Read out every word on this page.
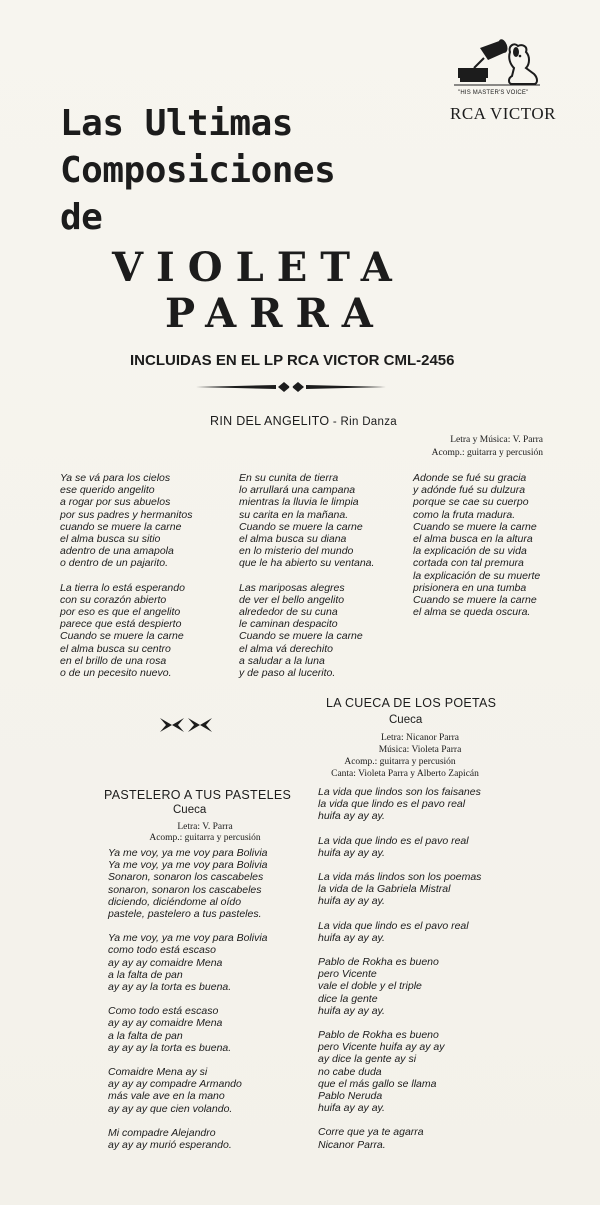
"HIS MASTER'S VOICE"
RCA VICTOR
Las Ultimas
Composiciones
de
VIOLETA
PARRA
INCLUIDAS EN EL LP RCA VICTOR CML-2456
RIN DEL ANGELITO - Rin Danza
Letra y Música: V. Parra
Acomp.: guitarra y percusión
Ya se vá para los cielos
ese querido angelito
a rogar por sus abuelos
por sus padres y hermanitos
cuando se muere la carne
el alma busca su sitio
adentro de una amapola
o dentro de un pajarito.
La tierra lo está esperando
con su corazón abierto
por eso es que el angelito
parece que está despierto
Cuando se muere la carne
el alma busca su centro
en el brillo de una rosa
o de un pecesito nuevo.
En su cunita de tierra
lo arrullará una campana
mientras la lluvia le limpia
su carita en la mañana.
Cuando se muere la carne
el alma busca su diana
en lo misterio del mundo
que le ha abierto su ventana.
Las mariposas alegres
de ver el bello angelito
alrededor de su cuna
le caminan despacito
Cuando se muere la carne
el alma vá derechito
a saludar a la luna
y de paso al lucerito.
Adonde se fué su gracia
y adónde fué su dulzura
porque se cae su cuerpo
como la fruta madura.
Cuando se muere la carne
el alma busca en la altura
la explicación de su vida
cortada con tal premura
la explicación de su muerte
prisionera en una tumba
Cuando se muere la carne
el alma se queda oscura.
LA CUECA DE LOS POETAS
Cueca
Letra: Nicanor Parra
Música: Violeta Parra
Acomp.: guitarra y percusión
Canta: Violeta Parra y Alberto Zapicán
La vida que lindos son los faisanes
la vida que lindo es el pavo real
huifa ay ay ay.
La vida que lindo es el pavo real
huifa ay ay ay.
La vida más lindos son los poemas
la vida de la Gabriela Mistral
huifa ay ay ay.
La vida que lindo es el pavo real
huifa ay ay ay.
Pablo de Rokha es bueno
pero Vicente
vale el doble y el triple
dice la gente
huifa ay ay ay.
Pablo de Rokha es bueno
pero Vicente huifa ay ay ay
ay dice la gente ay si
no cabe duda
que el más gallo se llama
Pablo Neruda
huifa ay ay ay.
Corre que ya te agarra
Nicanor Parra.
PASTELERO A TUS PASTELES
Cueca
Letra: V. Parra
Acomp.: guitarra y percusión
Ya me voy, ya me voy para Bolivia
Ya me voy, ya me voy para Bolivia
Sonaron, sonaron los cascabeles
sonaron, sonaron los cascabeles
diciendo, diciéndome al oído
pastele, pastelero a tus pasteles.
Ya me voy, ya me voy para Bolivia
como todo está escaso
ay ay ay comaidre Mena
a la falta de pan
ay ay ay la torta es buena.
Como todo está escaso
ay ay ay comaidre Mena
a la falta de pan
ay ay ay la torta es buena.
Comaidre Mena ay si
ay ay ay compadre Armando
más vale ave en la mano
ay ay ay que cien volando.
Mi compadre Alejandro
ay ay ay murió esperando.
